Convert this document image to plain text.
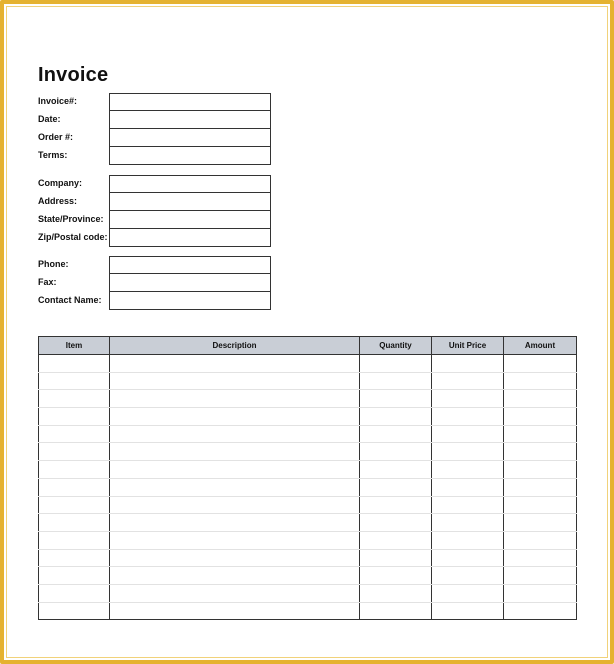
Invoice
Invoice#:
Date:
Order #:
Terms:
Company:
Address:
State/Province:
Zip/Postal code:
Phone:
Fax:
Contact Name:
Item	Description	Quantity	Unit Price	Amount
